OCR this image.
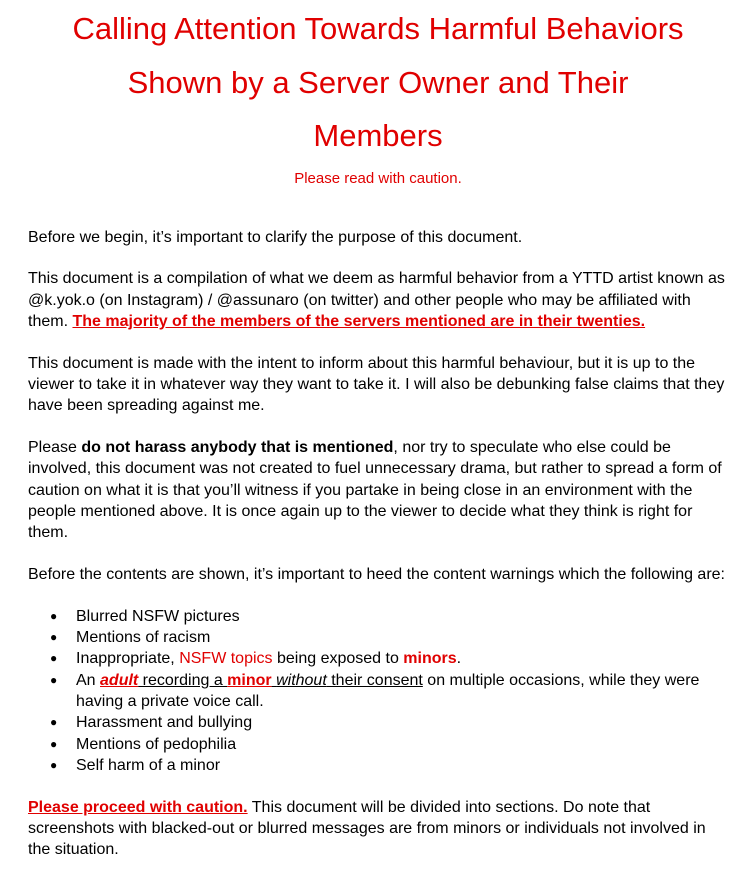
Calling Attention Towards Harmful Behaviors
Shown by a Server Owner and Their
Members

Please read with caution.

Before we begin, it’s important to clarify the purpose of this document.

This document is a compilation of what we deem as harmful behavior from a YTTD artist known as @k.yok.o (on Instagram) / @assunaro (on twitter) and other people who may be affiliated with them. The majority of the members of the servers mentioned are in their twenties.

This document is made with the intent to inform about this harmful behaviour, but it is up to the viewer to take it in whatever way they want to take it. I will also be debunking false claims that they have been spreading against me.

Please do not harass anybody that is mentioned, nor try to speculate who else could be involved, this document was not created to fuel unnecessary drama, but rather to spread a form of caution on what it is that you’ll witness if you partake in being close in an environment with the people mentioned above. It is once again up to the viewer to decide what they think is right for them.

Before the contents are shown, it’s important to heed the content warnings which the following are:

● Blurred NSFW pictures
● Mentions of racism
● Inappropriate, NSFW topics being exposed to minors.
● An adult recording a minor without their consent on multiple occasions, while they were having a private voice call.
● Harassment and bullying
● Mentions of pedophilia
● Self harm of a minor

Please proceed with caution. This document will be divided into sections. Do note that screenshots with blacked-out or blurred messages are from minors or individuals not involved in the situation.
